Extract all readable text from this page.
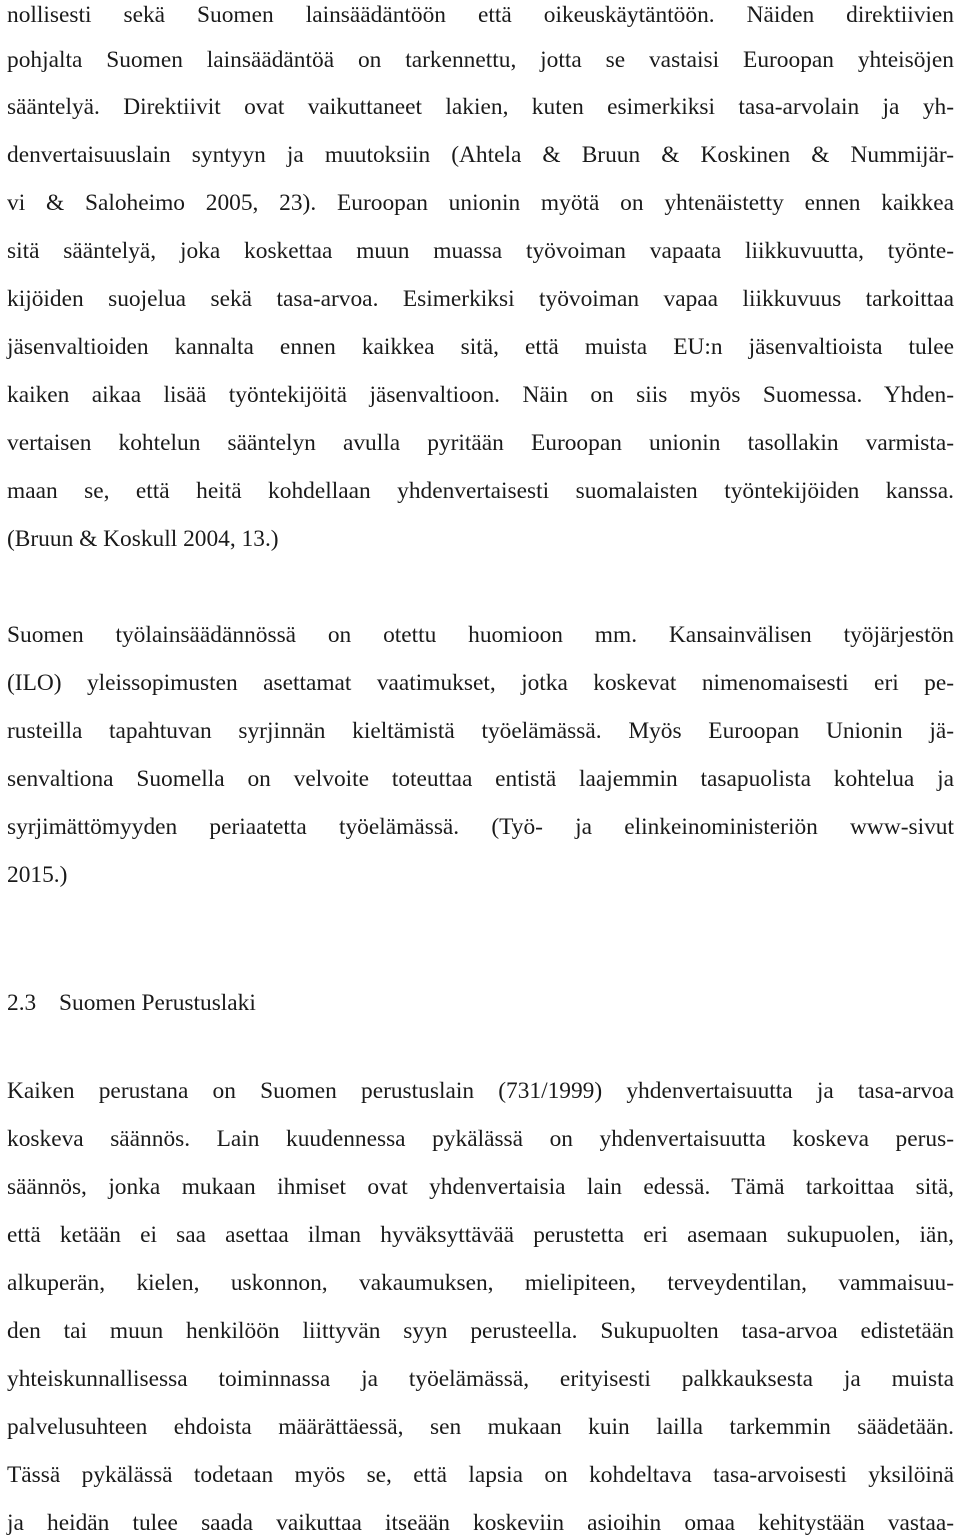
nollisesti sekä Suomen lainsäädäntöön että oikeuskäytäntöön. Näiden direktiivien
pohjalta Suomen lainsäädäntöä on tarkennettu, jotta se vastaisi Euroopan yhteisöjen
sääntelyä. Direktiivit ovat vaikuttaneet lakien, kuten esimerkiksi tasa-arvolain ja yh-
denvertaisuuslain syntyyn ja muutoksiin (Ahtela & Bruun & Koskinen & Nummijär-
vi & Saloheimo 2005, 23). Euroopan unionin myötä on yhtenäistetty ennen kaikkea
sitä sääntelyä, joka koskettaa muun muassa työvoiman vapaata liikkuvuutta, työnte-
kijöiden suojelua sekä tasa-arvoa. Esimerkiksi työvoiman vapaa liikkuvuus tarkoittaa
jäsenvaltioiden kannalta ennen kaikkea sitä, että muista EU:n jäsenvaltioista tulee
kaiken aikaa lisää työntekijöitä jäsenvaltioon. Näin on siis myös Suomessa. Yhden-
vertaisen kohtelun sääntelyn avulla pyritään Euroopan unionin tasollakin varmista-
maan se, että heitä kohdellaan yhdenvertaisesti suomalaisten työntekijöiden kanssa.
(Bruun & Koskull 2004, 13.)
Suomen työlainsäädännössä on otettu huomioon mm. Kansainvälisen työjärjestön
(ILO) yleissopimusten asettamat vaatimukset, jotka koskevat nimenomaisesti eri pe-
rusteilla tapahtuvan syrjinnän kieltämistä työelämässä. Myös Euroopan Unionin jä-
senvaltiona Suomella on velvoite toteuttaa entistä laajemmin tasapuolista kohtelua ja
syrjimättömyyden periaatetta työelämässä. (Työ- ja elinkeinoministeriön www-sivut
2015.)
2.3 Suomen Perustuslaki
Kaiken perustana on Suomen perustuslain (731/1999) yhdenvertaisuutta ja tasa-arvoa
koskeva säännös. Lain kuudennessa pykälässä on yhdenvertaisuutta koskeva perus-
säännös, jonka mukaan ihmiset ovat yhdenvertaisia lain edessä. Tämä tarkoittaa sitä,
että ketään ei saa asettaa ilman hyväksyttävää perustetta eri asemaan sukupuolen, iän,
alkuperän, kielen, uskonnon, vakaumuksen, mielipiteen, terveydentilan, vammaisuu-
den tai muun henkilöön liittyvän syyn perusteella. Sukupuolten tasa-arvoa edistetään
yhteiskunnallisessa toiminnassa ja työelämässä, erityisesti palkkauksesta ja muista
palvelusuhteen ehdoista määrättäessä, sen mukaan kuin lailla tarkemmin säädetään.
Tässä pykälässä todetaan myös se, että lapsia on kohdeltava tasa-arvoisesti yksilöinä
ja heidän tulee saada vaikuttaa itseään koskeviin asioihin omaa kehitystään vastaa-
